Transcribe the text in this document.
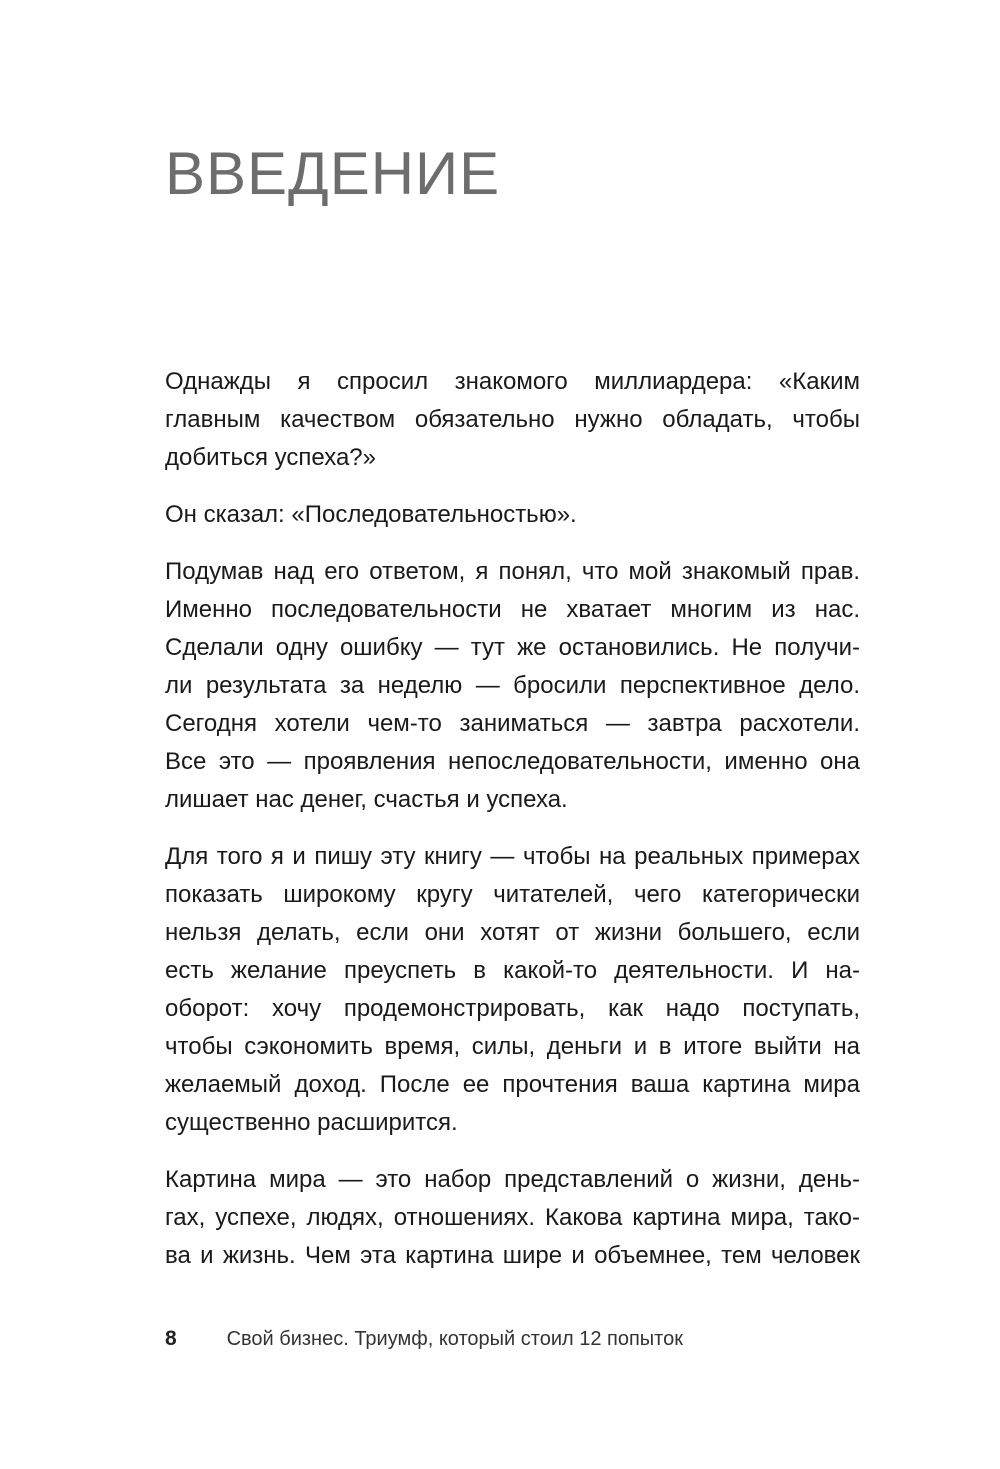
ВВЕДЕНИЕ

Однажды я спросил знакомого миллиардера: «Каким
главным качеством обязательно нужно обладать, чтобы
добиться успеха?»

Он сказал: «Последовательностью».

Подумав над его ответом, я понял, что мой знакомый прав.
Именно последовательности не хватает многим из нас.
Сделали одну ошибку — тут же остановились. Не получи-
ли результата за неделю — бросили перспективное дело.
Сегодня хотели чем-то заниматься — завтра расхотели.
Все это — проявления непоследовательности, именно она
лишает нас денег, счастья и успеха.

Для того я и пишу эту книгу — чтобы на реальных примерах
показать широкому кругу читателей, чего категорически
нельзя делать, если они хотят от жизни большего, если
есть желание преуспеть в какой-то деятельности. И на-
оборот: хочу продемонстрировать, как надо поступать,
чтобы сэкономить время, силы, деньги и в итоге выйти на
желаемый доход. После ее прочтения ваша картина мира
существенно расширится.

Картина мира — это набор представлений о жизни, день-
гах, успехе, людях, отношениях. Какова картина мира, тако-
ва и жизнь. Чем эта картина шире и объемнее, тем человек

8 Свой бизнес. Триумф, который стоил 12 попыток
